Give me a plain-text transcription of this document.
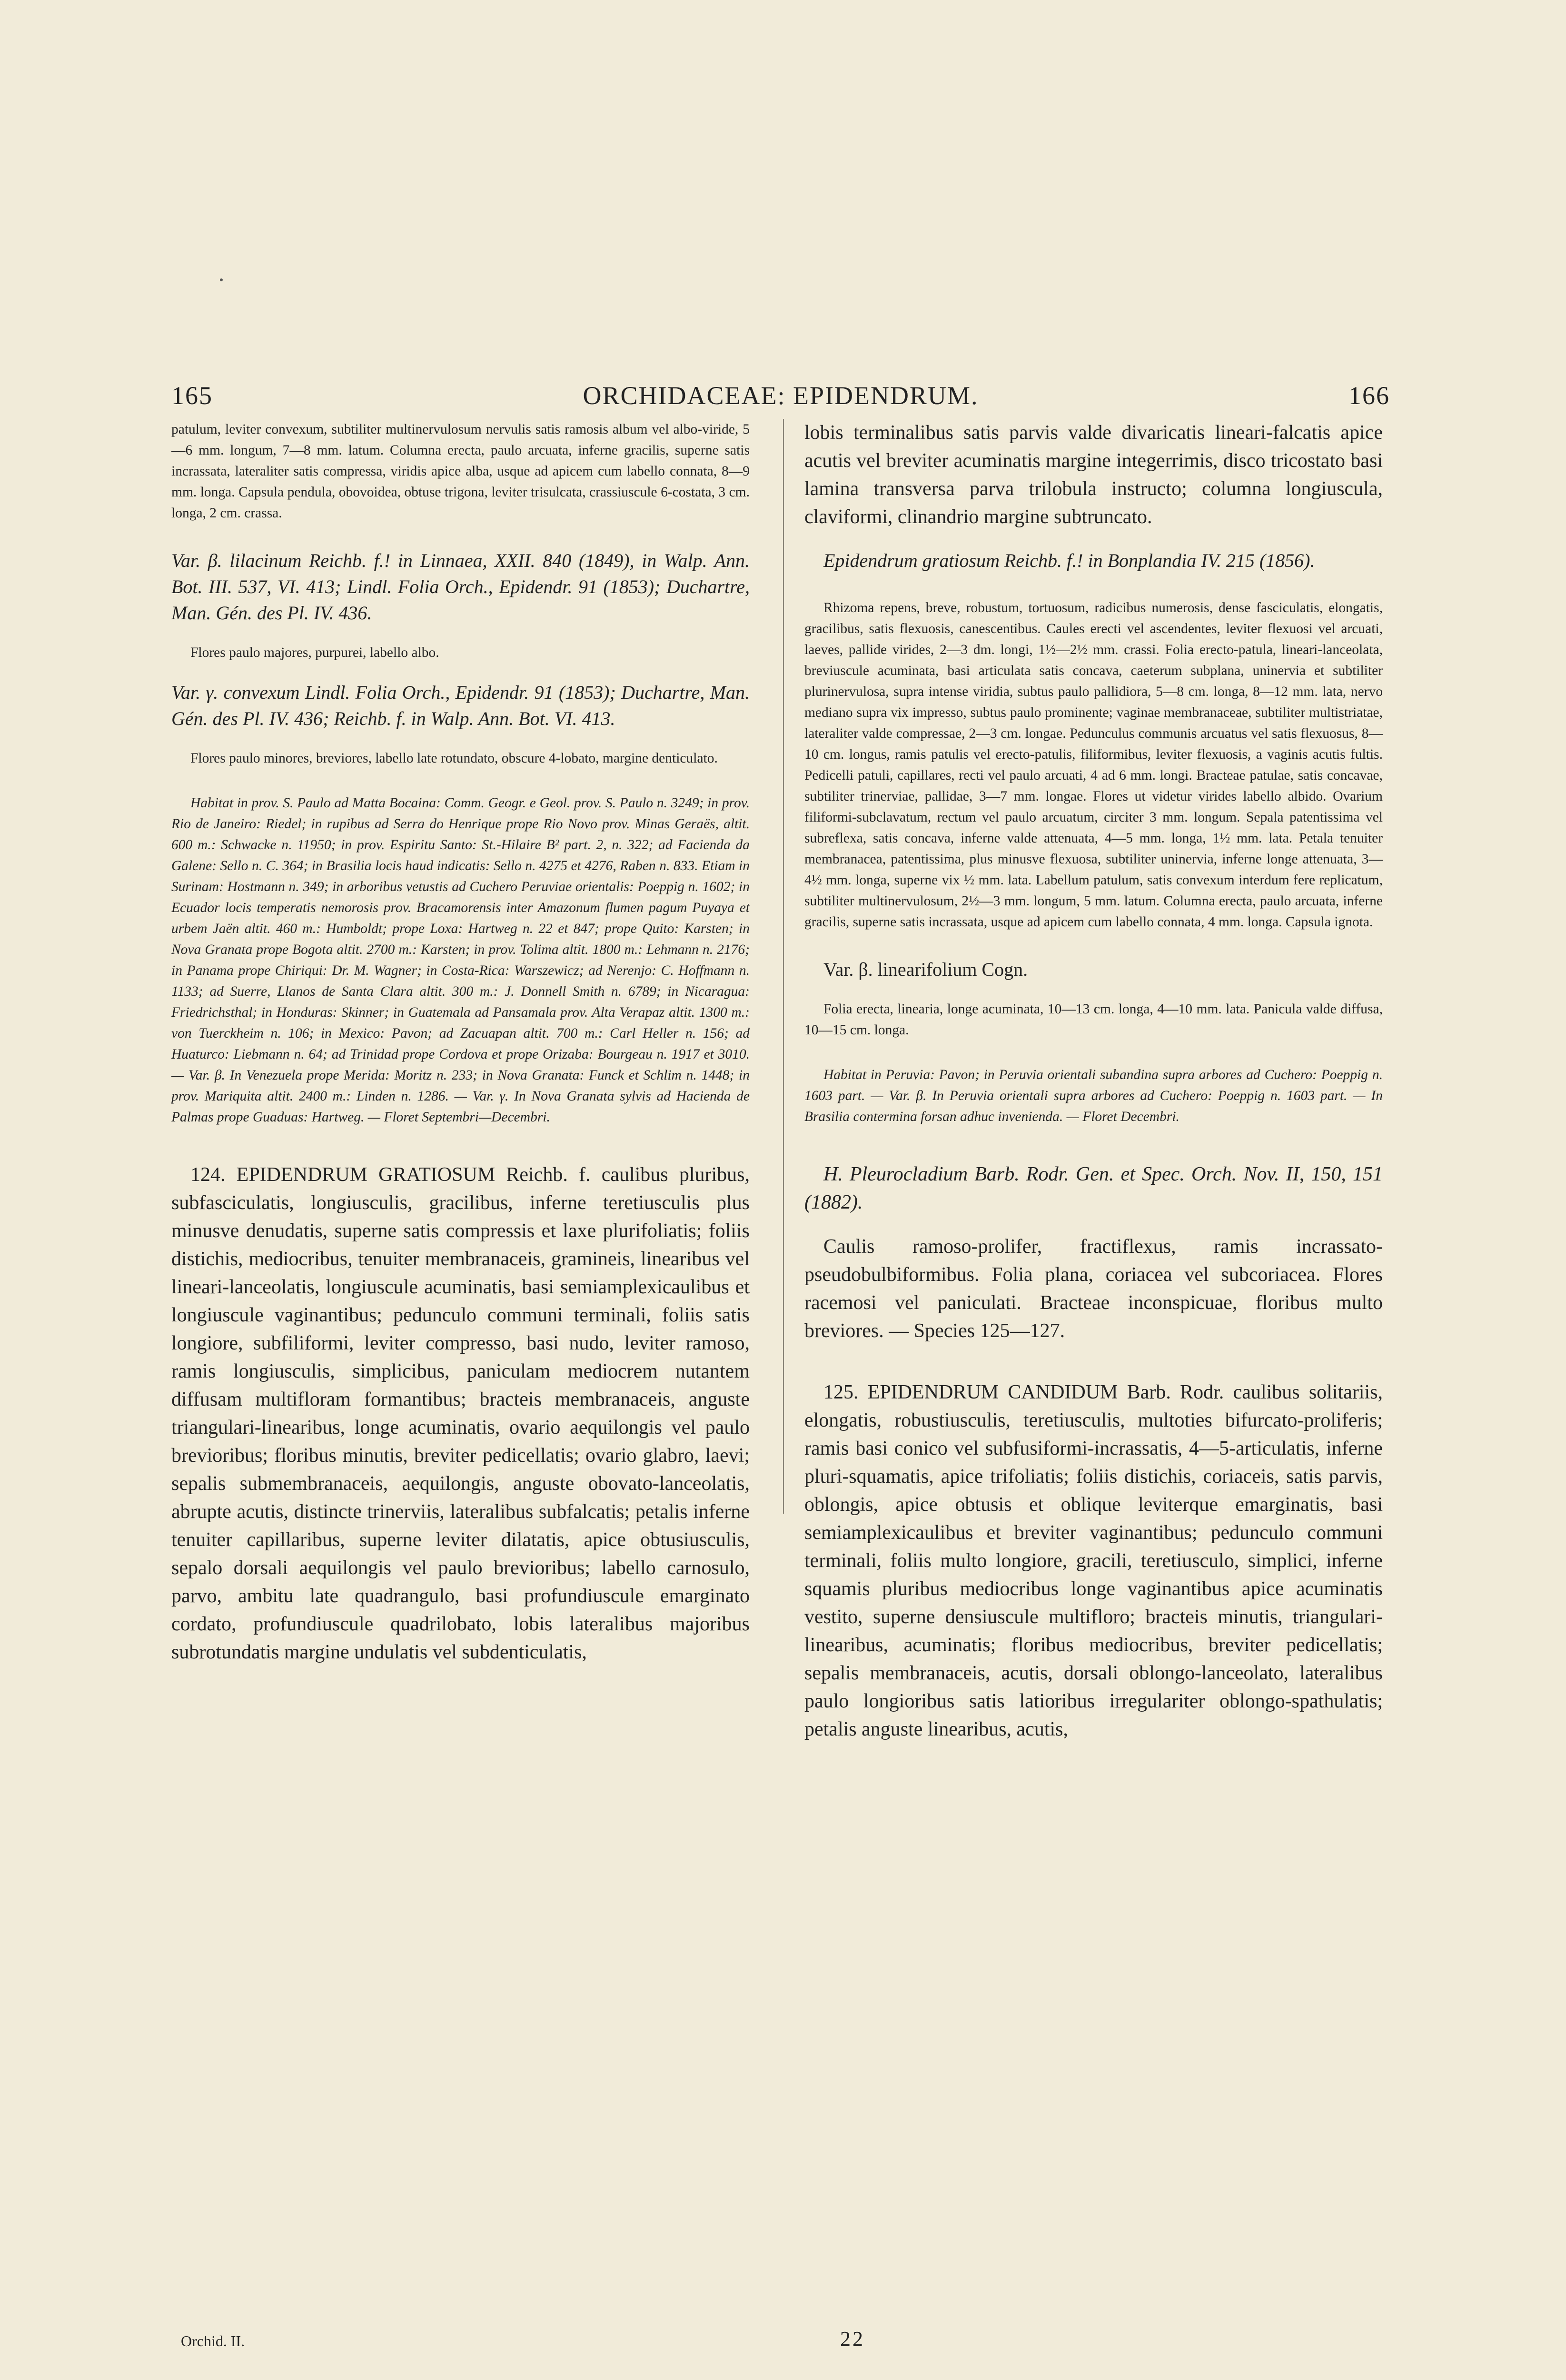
165	ORCHIDACEAE: EPIDENDRUM.	166

patulum, leviter convexum, subtiliter multinervulosum nervulis satis ramosis album vel albo-viride, 5—6 mm. longum, 7—8 mm. latum. Columna erecta, paulo arcuata, inferne gracilis, superne satis incrassata, lateraliter satis compressa, viridis apice alba, usque ad apicem cum labello connata, 8—9 mm. longa. Capsula pendula, obovoidea, obtuse trigona, leviter trisulcata, crassiuscule 6-costata, 3 cm. longa, 2 cm. crassa.

Var. β. lilacinum Reichb. f.! in Linnaea, XXII. 840 (1849), in Walp. Ann. Bot. III. 537, VI. 413; Lindl. Folia Orch., Epidendr. 91 (1853); Duchartre, Man. Gén. des Pl. IV. 436.

Flores paulo majores, purpurei, labello albo.

Var. γ. convexum Lindl. Folia Orch., Epidendr. 91 (1853); Duchartre, Man. Gén. des Pl. IV. 436; Reichb. f. in Walp. Ann. Bot. VI. 413.

Flores paulo minores, breviores, labello late rotundato, obscure 4-lobato, margine denticulato.

Habitat in prov. S. Paulo ad Matta Bocaina: Comm. Geogr. e Geol. prov. S. Paulo n. 3249; in prov. Rio de Janeiro: Riedel; in rupibus ad Serra do Henrique prope Rio Novo prov. Minas Geraës, altit. 600 m.: Schwacke n. 11950; in prov. Espiritu Santo: St.-Hilaire B² part. 2, n. 322; ad Facienda da Galene: Sello n. C. 364; in Brasilia locis haud indicatis: Sello n. 4275 et 4276, Raben n. 833. Etiam in Surinam: Hostmann n. 349; in arboribus vetustis ad Cuchero Peruviae orientalis: Poeppig n. 1602; in Ecuador locis temperatis nemorosis prov. Bracamorensis inter Amazonum flumen pagum Puyaya et urbem Jaën altit. 460 m.: Humboldt; prope Loxa: Hartweg n. 22 et 847; prope Quito: Karsten; in Nova Granata prope Bogota altit. 2700 m.: Karsten; in prov. Tolima altit. 1800 m.: Lehmann n. 2176; in Panama prope Chiriqui: Dr. M. Wagner; in Costa-Rica: Warszewicz; ad Nerenjo: C. Hoffmann n. 1133; ad Suerre, Llanos de Santa Clara altit. 300 m.: J. Donnell Smith n. 6789; in Nicaragua: Friedrichsthal; in Honduras: Skinner; in Guatemala ad Pansamala prov. Alta Verapaz altit. 1300 m.: von Tuerckheim n. 106; in Mexico: Pavon; ad Zacuapan altit. 700 m.: Carl Heller n. 156; ad Huaturco: Liebmann n. 64; ad Trinidad prope Cordova et prope Orizaba: Bourgeau n. 1917 et 3010. — Var. β. In Venezuela prope Merida: Moritz n. 233; in Nova Granata: Funck et Schlim n. 1448; in prov. Mariquita altit. 2400 m.: Linden n. 1286. — Var. γ. In Nova Granata sylvis ad Hacienda de Palmas prope Guaduas: Hartweg. — Floret Septembri—Decembri.

124. EPIDENDRUM GRATIOSUM Reichb. f. caulibus pluribus, subfasciculatis, longiusculis, gracilibus, inferne teretiusculis plus minusve denudatis, superne satis compressis et laxe plurifoliatis; foliis distichis, mediocribus, tenuiter membranaceis, gramineis, linearibus vel lineari-lanceolatis, longiuscule acuminatis, basi semiamplexicaulibus et longiuscule vaginantibus; pedunculo communi terminali, foliis satis longiore, subfiliformi, leviter compresso, basi nudo, leviter ramoso, ramis longiusculis, simplicibus, paniculam mediocrem nutantem diffusam multifloram formantibus; bracteis membranaceis, anguste triangulari-linearibus, longe acuminatis, ovario aequilongis vel paulo brevioribus; floribus minutis, breviter pedicellatis; ovario glabro, laevi; sepalis submembranaceis, aequilongis, anguste obovato-lanceolatis, abrupte acutis, distincte trinerviis, lateralibus subfalcatis; petalis inferne tenuiter capillaribus, superne leviter dilatatis, apice obtusiusculis, sepalo dorsali aequilongis vel paulo brevioribus; labello carnosulo, parvo, ambitu late quadrangulo, basi profundiuscule emarginato cordato, profundiuscule quadrilobato, lobis lateralibus majoribus subrotundatis margine undulatis vel subdenticulatis,

lobis terminalibus satis parvis valde divaricatis lineari-falcatis apice acutis vel breviter acuminatis margine integerrimis, disco tricostato basi lamina transversa parva trilobula instructo; columna longiuscula, claviformi, clinandrio margine subtruncato.

Epidendrum gratiosum Reichb. f.! in Bonplandia IV. 215 (1856).

Rhizoma repens, breve, robustum, tortuosum, radicibus numerosis, dense fasciculatis, elongatis, gracilibus, satis flexuosis, canescentibus. Caules erecti vel ascendentes, leviter flexuosi vel arcuati, laeves, pallide virides, 2—3 dm. longi, 1½—2½ mm. crassi. Folia erecto-patula, lineari-lanceolata, breviuscule acuminata, basi articulata satis concava, caeterum subplana, uninervia et subtiliter plurinervulosa, supra intense viridia, subtus paulo pallidiora, 5—8 cm. longa, 8—12 mm. lata, nervo mediano supra vix impresso, subtus paulo prominente; vaginae membranaceae, subtiliter multistriatae, lateraliter valde compressae, 2—3 cm. longae. Pedunculus communis arcuatus vel satis flexuosus, 8—10 cm. longus, ramis patulis vel erecto-patulis, filiformibus, leviter flexuosis, a vaginis acutis fultis. Pedicelli patuli, capillares, recti vel paulo arcuati, 4 ad 6 mm. longi. Bracteae patulae, satis concavae, subtiliter trinerviae, pallidae, 3—7 mm. longae. Flores ut videtur virides labello albido. Ovarium filiformi-subclavatum, rectum vel paulo arcuatum, circiter 3 mm. longum. Sepala patentissima vel subreflexa, satis concava, inferne valde attenuata, 4—5 mm. longa, 1½ mm. lata. Petala tenuiter membranacea, patentissima, plus minusve flexuosa, subtiliter uninervia, inferne longe attenuata, 3—4½ mm. longa, superne vix ½ mm. lata. Labellum patulum, satis convexum interdum fere replicatum, subtiliter multinervulosum, 2½—3 mm. longum, 5 mm. latum. Columna erecta, paulo arcuata, inferne gracilis, superne satis incrassata, usque ad apicem cum labello connata, 4 mm. longa. Capsula ignota.

Var. β. linearifolium Cogn.

Folia erecta, linearia, longe acuminata, 10—13 cm. longa, 4—10 mm. lata. Panicula valde diffusa, 10—15 cm. longa.

Habitat in Peruvia: Pavon; in Peruvia orientali subandina supra arbores ad Cuchero: Poeppig n. 1603 part. — Var. β. In Peruvia orientali supra arbores ad Cuchero: Poeppig n. 1603 part. — In Brasilia contermina forsan adhuc invenienda. — Floret Decembri.

H. Pleurocladium Barb. Rodr. Gen. et Spec. Orch. Nov. II, 150, 151 (1882).

Caulis ramoso-prolifer, fractiflexus, ramis incrassato-pseudobulbiformibus. Folia plana, coriacea vel subcoriacea. Flores racemosi vel paniculati. Bracteae inconspicuae, floribus multo breviores. — Species 125—127.

125. EPIDENDRUM CANDIDUM Barb. Rodr. caulibus solitariis, elongatis, robustiusculis, teretiusculis, multoties bifurcato-proliferis; ramis basi conico vel subfusiformi-incrassatis, 4—5-articulatis, inferne pluri-squamatis, apice trifoliatis; foliis distichis, coriaceis, satis parvis, oblongis, apice obtusis et oblique leviterque emarginatis, basi semiamplexicaulibus et breviter vaginantibus; pedunculo communi terminali, foliis multo longiore, gracili, teretiusculo, simplici, inferne squamis pluribus mediocribus longe vaginantibus apice acuminatis vestito, superne densiuscule multifloro; bracteis minutis, triangulari-linearibus, acuminatis; floribus mediocribus, breviter pedicellatis; sepalis membranaceis, acutis, dorsali oblongo-lanceolato, lateralibus paulo longioribus satis latioribus irregulariter oblongo-spathulatis; petalis anguste linearibus, acutis,

Orchid. II.	22
